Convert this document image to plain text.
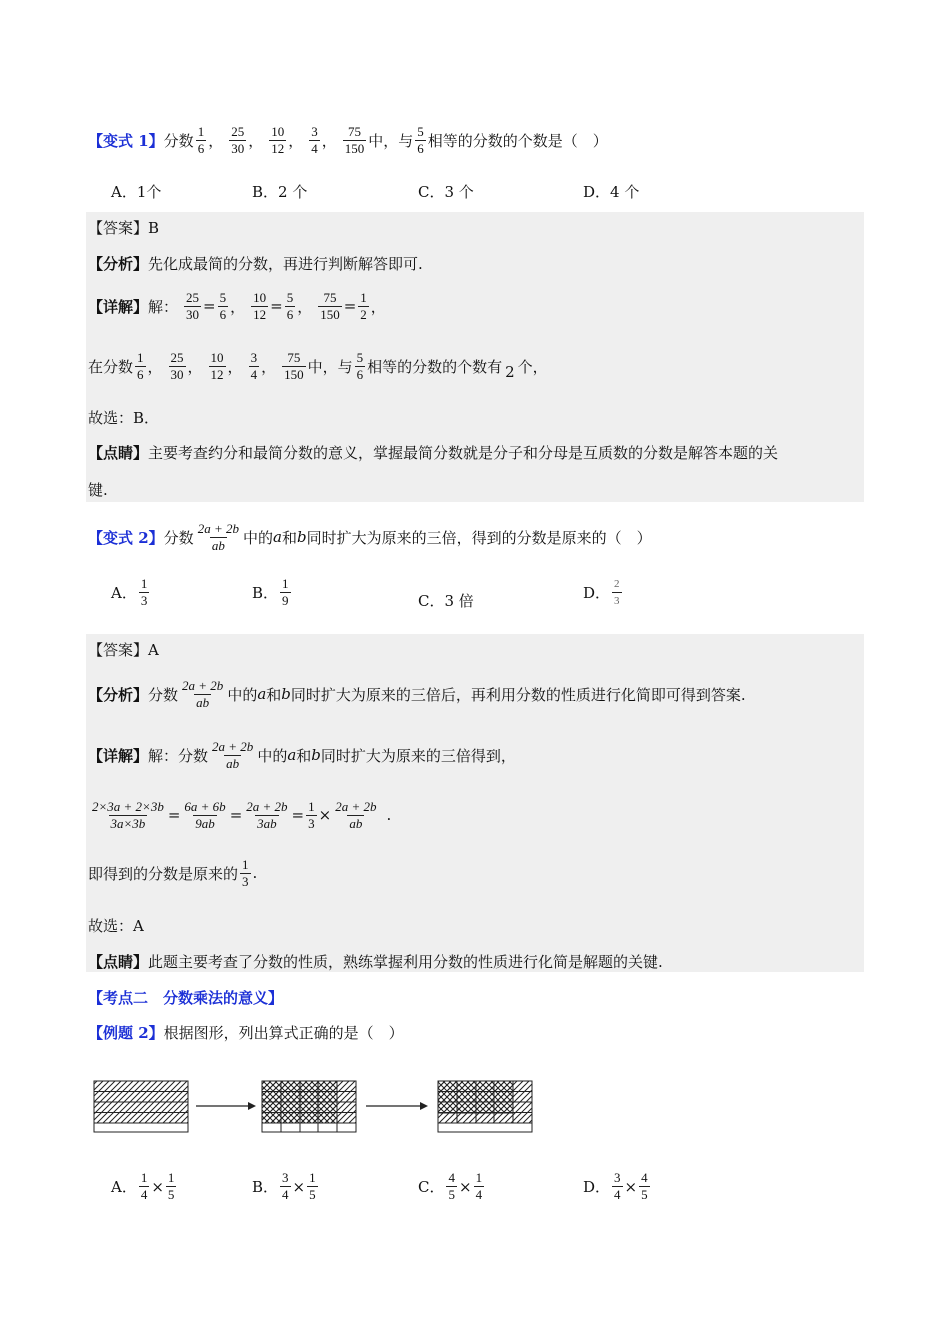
【变式 1】 分数 $\frac{1}{6}$ ， $\frac{25}{30}$ ， $\frac{10}{12}$ ， $\frac{3}{4}$ ， $\frac{75}{150}$ 中，与 $\frac{5}{6}$ 相等的分数的个数是（　）
A．1个	B．2 个	C．3 个	D．4 个
【答案】B
【分析】 先化成最简的分数，再进行判断解答即可.
【详解】 解： $\frac{25}{30} = \frac{5}{6}$ ， $\frac{10}{12} = \frac{5}{6}$ ， $\frac{75}{150} = \frac{1}{2}$ ，
在分数 $\frac{1}{6}$ ， $\frac{25}{30}$ ， $\frac{10}{12}$ ， $\frac{3}{4}$ ， $\frac{75}{150}$ 中，与 $\frac{5}{6}$ 相等的分数的个数有 2 个，
故选：B．
【点睛】 主要考查约分和最简分数的意义，掌握最简分数就是分子和分母是互质数的分数是解答本题的关
键.
【变式 2】 分数 $\frac{2a + 2b}{ab}$ 中的 a 和 b 同时扩大为原来的三倍，得到的分数是原来的（　）
A． $\frac{1}{3}$	B． $\frac{1}{9}$	C．3 倍	D． $\frac{2}{3}$
【答案】A
【分析】 分数 $\frac{2a + 2b}{ab}$ 中的 a 和 b 同时扩大为原来的三倍后，再利用分数的性质进行化简即可得到答案.
【详解】 解：分数 $\frac{2a + 2b}{ab}$ 中的 a 和 b 同时扩大为原来的三倍得到，
$\frac{2\times 3a + 2\times 3b}{3a\times 3b} = \frac{6a + 6b}{9ab} = \frac{2a + 2b}{3ab} = \frac{1}{3} \times \frac{2a + 2b}{ab}$ .
即得到的分数是原来的 $\frac{1}{3}$ .
故选：A
【点睛】 此题主要考查了分数的性质，熟练掌握利用分数的性质进行化简是解题的关键.
【考点二　分数乘法的意义】
【例题 2】 根据图形，列出算式正确的是（　）
A． $\frac{1}{4} \times \frac{1}{5}$	B． $\frac{3}{4} \times \frac{1}{5}$	C． $\frac{4}{5} \times \frac{1}{4}$	D． $\frac{3}{4} \times \frac{4}{5}$
